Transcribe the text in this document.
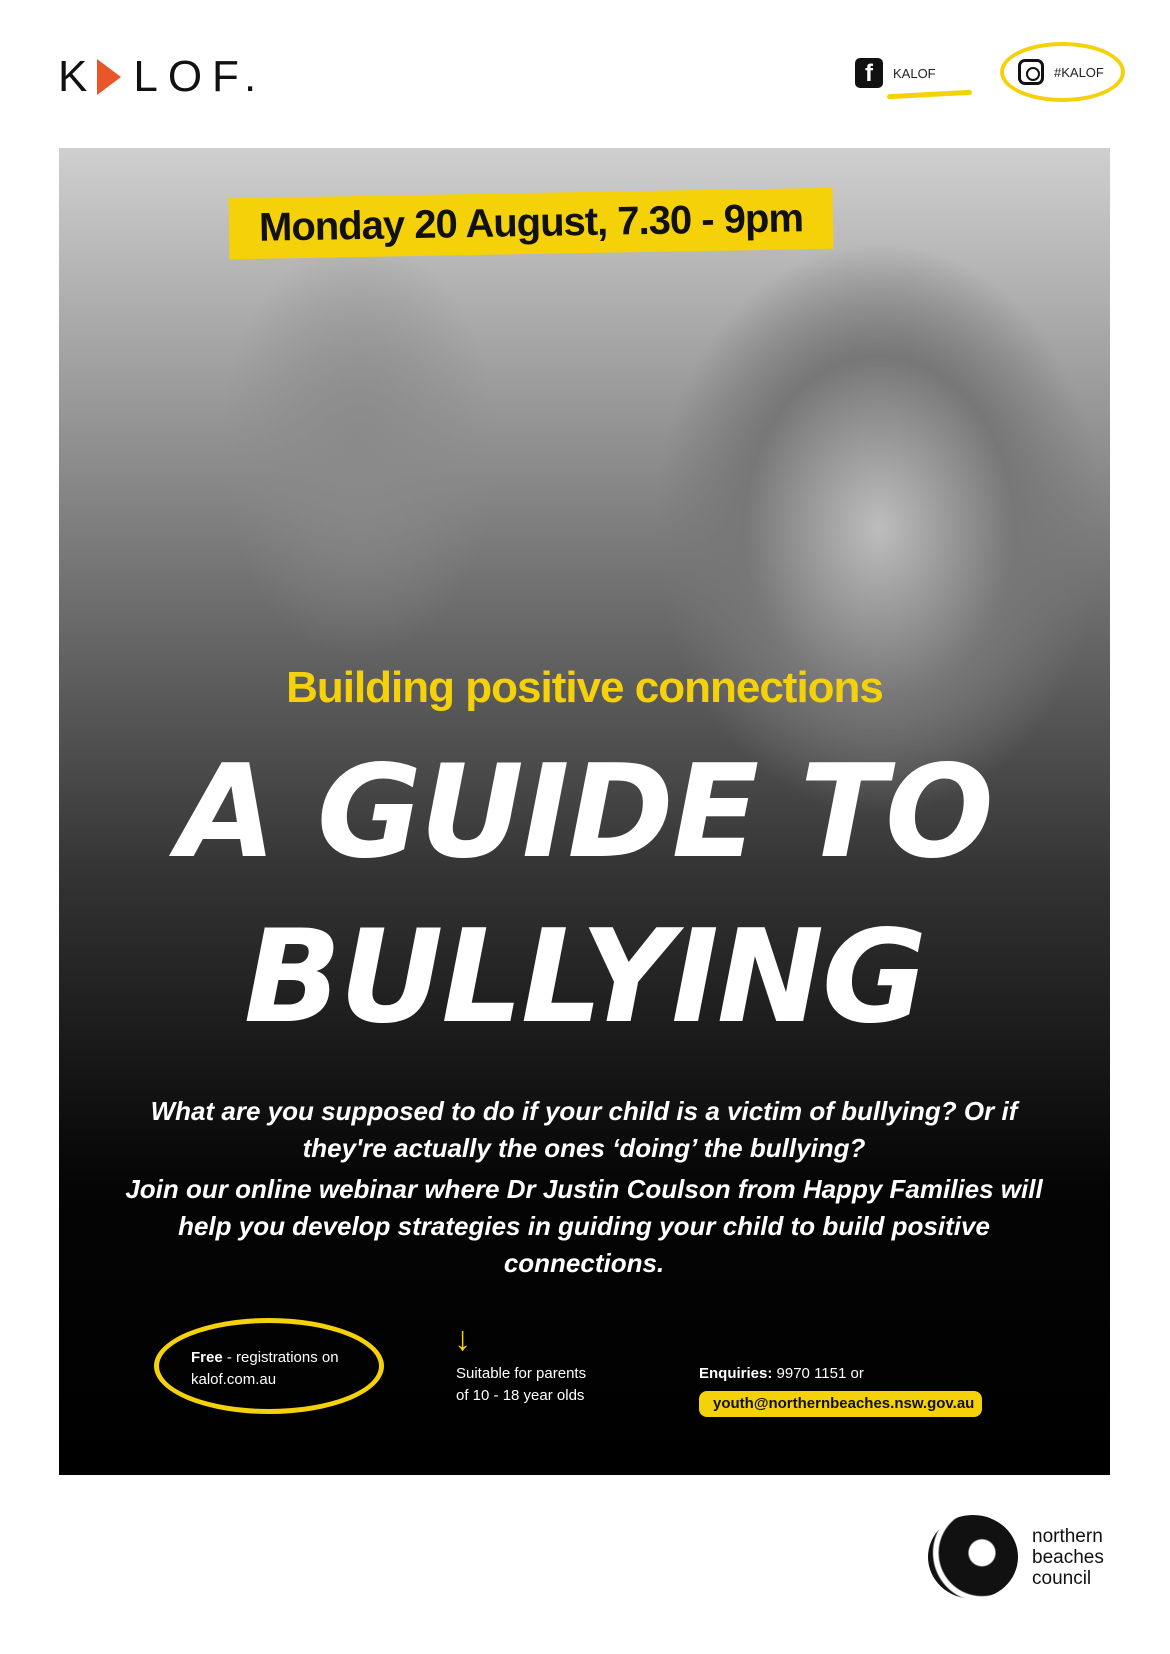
K LOF.	f	KALOF	#KALOF
Monday 20 August, 7.30 - 9pm
Building positive connections
A GUIDE TO
BULLYING

What are you supposed to do if your child is a victim of bullying? Or if they're actually the ones ‘doing’ the bullying?

Join our online webinar where Dr Justin Coulson from Happy Families will help you develop strategies in guiding your child to build positive connections.

Free - registrations on
kalof.com.au
↓
Suitable for parents
of 10 - 18 year olds
Enquiries: 9970 1151 or
youth@northernbeaches.nsw.gov.au
northern
beaches
council
